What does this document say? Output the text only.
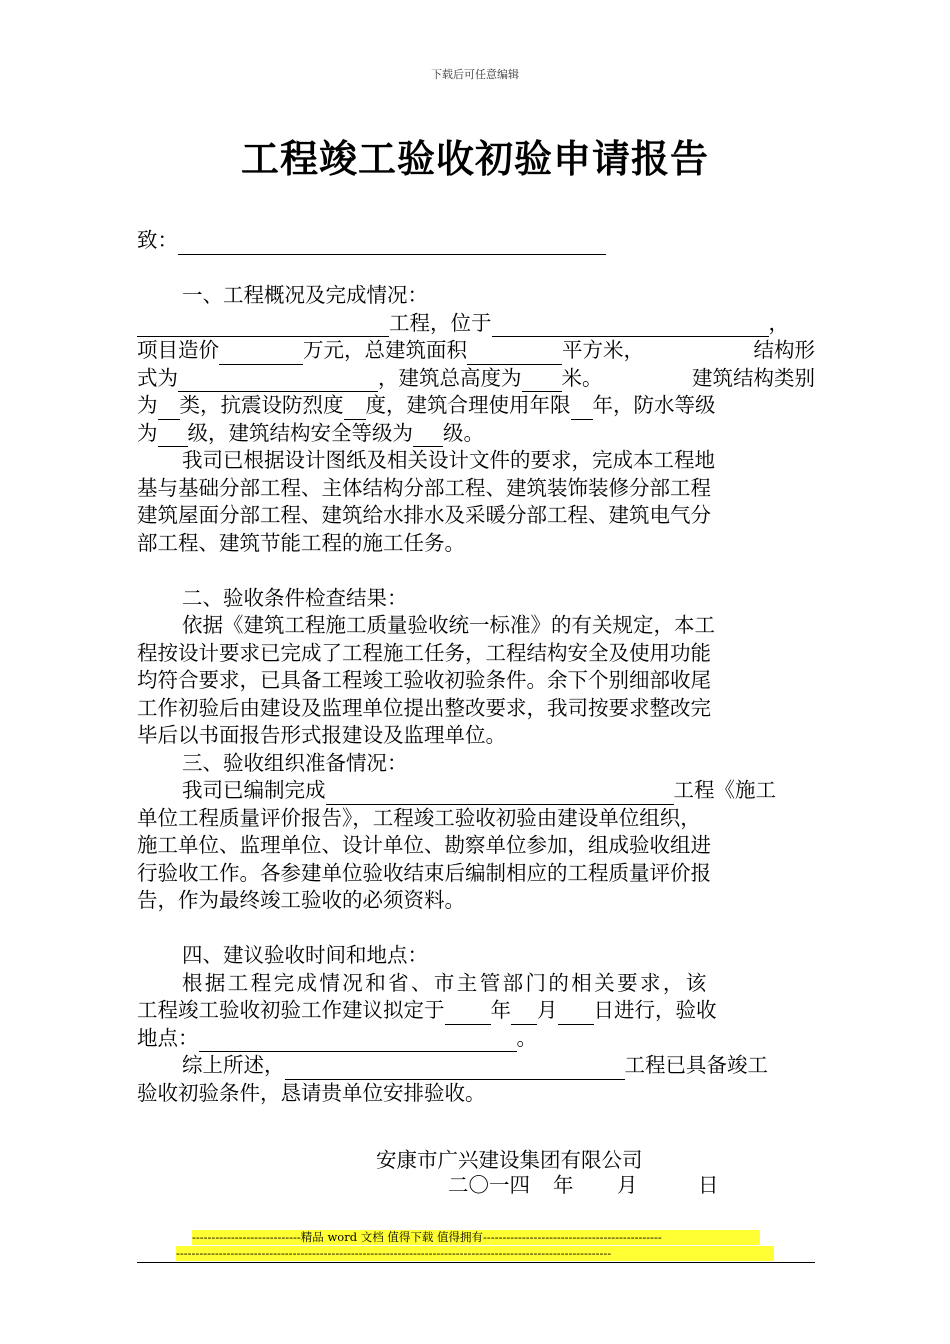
下载后可任意编辑
工程竣工验收初验申请报告
致：
一、工程概况及完成情况：
工程，位于	，
项目造价	万元，总建筑面积	平方米，	结构形
式为	，建筑总高度为 米。	建筑结构类别
为 类，抗震设防烈度 度，建筑合理使用年限 年，防水等级
为 级，建筑结构安全等级为 级。
我司已根据设计图纸及相关设计文件的要求，完成本工程地
基与基础分部工程、主体结构分部工程、建筑装饰装修分部工程
建筑屋面分部工程、建筑给水排水及采暖分部工程、建筑电气分
部工程、建筑节能工程的施工任务。
二、验收条件检查结果：
依据《建筑工程施工质量验收统一标准》的有关规定，本工
程按设计要求已完成了工程施工任务，工程结构安全及使用功能
均符合要求，已具备工程竣工验收初验条件。余下个别细部收尾
工作初验后由建设及监理单位提出整改要求，我司按要求整改完
毕后以书面报告形式报建设及监理单位。
三、验收组织准备情况：
我司已编制完成	工程《施工
单位工程质量评价报告》，工程竣工验收初验由建设单位组织，
施工单位、监理单位、设计单位、勘察单位参加，组成验收组进
行验收工作。各参建单位验收结束后编制相应的工程质量评价报
告，作为最终竣工验收的必须资料。
四、建议验收时间和地点：
根据工程完成情况和省、市主管部门的相关要求，该
工程竣工验收初验工作建议拟定于 年 月 日进行，验收
地点：	。
综上所述，	工程已具备竣工
验收初验条件，恳请贵单位安排验收。
安康市广兴建设集团有限公司
二〇一四 年 月	日
----------------------------精品 word 文档 值得下载 值得拥有----------------------------------------------
----------------------------------------------------------------------------------------------------------------
